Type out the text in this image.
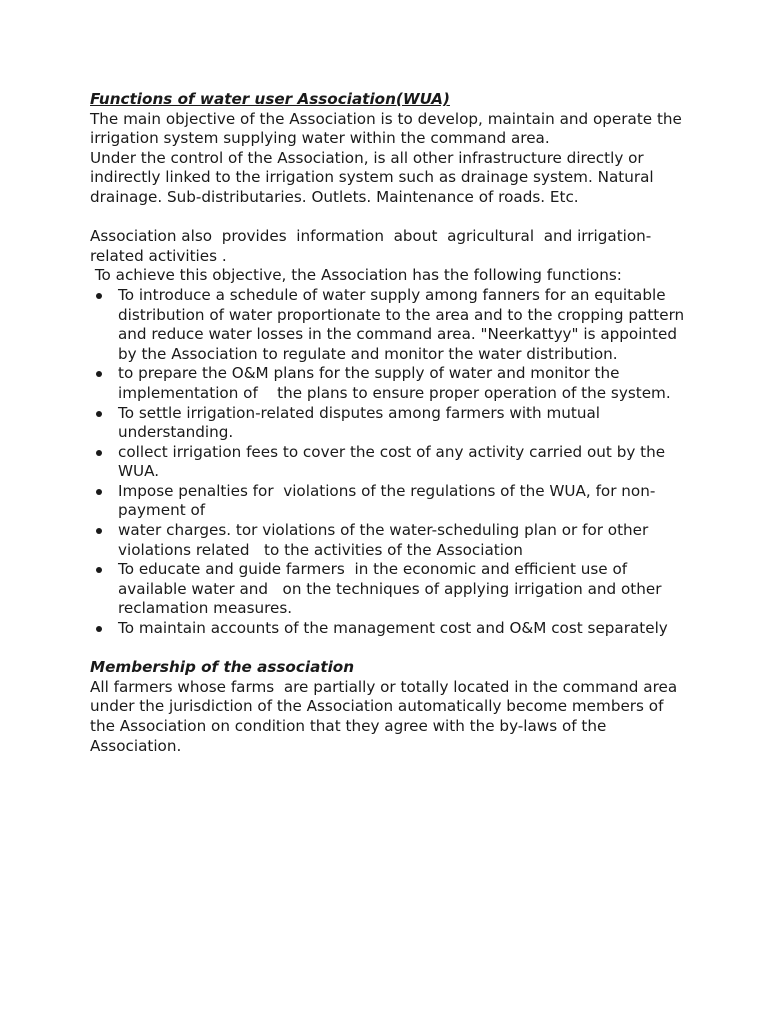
Functions of water user Association(WUA)

The main objective of the Association is to develop, maintain and operate the irrigation system supplying water within the command area.

Under the control of the Association, is all other infrastructure directly or indirectly linked to the irrigation system such as drainage system. Natural drainage. Sub-distributaries. Outlets. Maintenance of roads. Etc.

Association also  provides  information  about  agricultural  and irrigation-related activities .

To achieve this objective, the Association has the following functions:

To introduce a schedule of water supply among fanners for an equitable distribution of water proportionate to the area and to the cropping pattern and reduce water losses in the command area. "Neerkattyy" is appointed by the Association to regulate and monitor the water distribution.
to prepare the O&M plans for the supply of water and monitor the implementation of    the plans to ensure proper operation of the system.
To settle irrigation-related disputes among farmers with mutual understanding.
collect irrigation fees to cover the cost of any activity carried out by the WUA.
Impose penalties for  violations of the regulations of the WUA, for non-payment of
water charges. tor violations of the water-scheduling plan or for other violations related   to the activities of the Association
To educate and guide farmers  in the economic and efficient use of available water and   on the techniques of applying irrigation and other reclamation measures.
To maintain accounts of the management cost and O&M cost separately

Membership of the association

All farmers whose farms  are partially or totally located in the command area under the jurisdiction of the Association automatically become members of the Association on condition that they agree with the by-laws of the Association.
